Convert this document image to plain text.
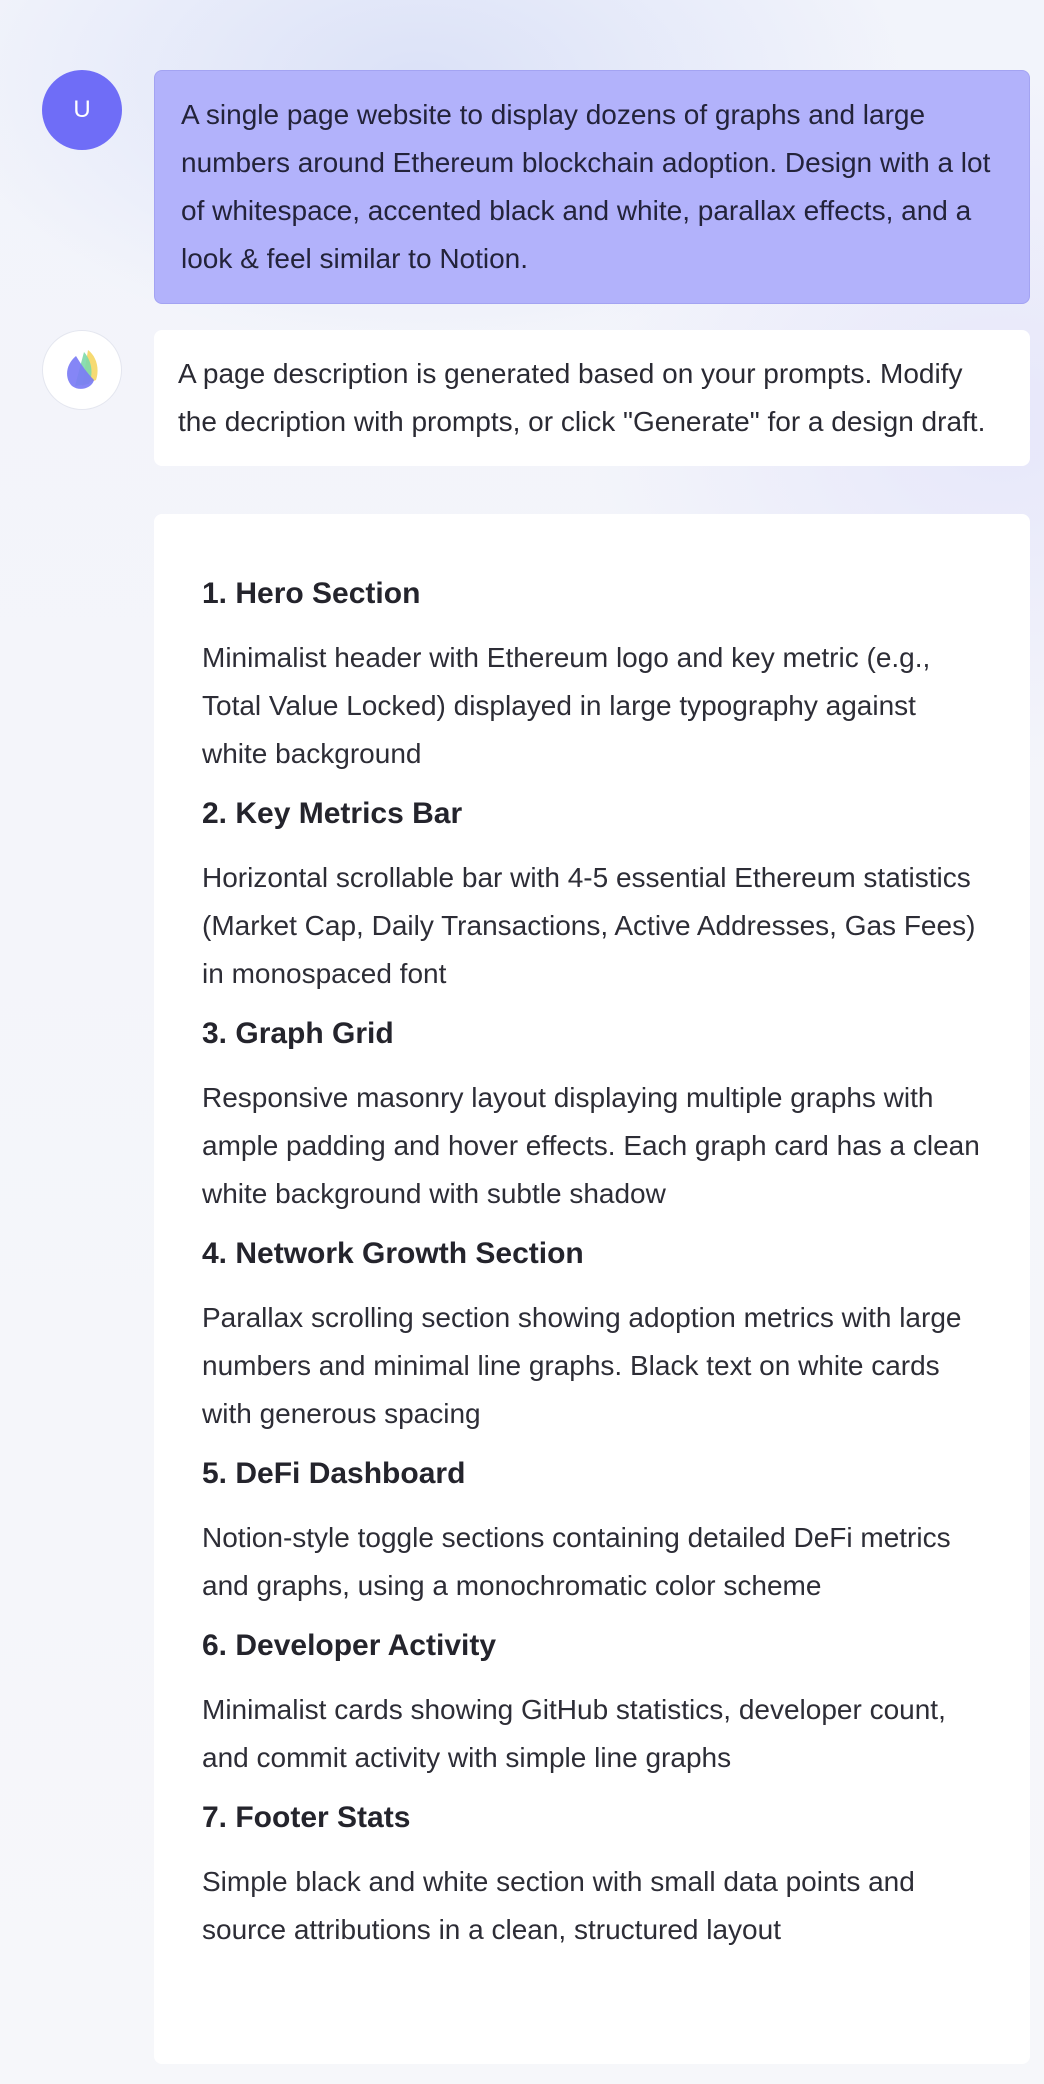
U	A single page website to display dozens of graphs and large numbers around Ethereum blockchain adoption. Design with a lot of whitespace, accented black and white, parallax effects, and a look & feel similar to Notion.

A page description is generated based on your prompts. Modify the decription with prompts, or click "Generate" for a design draft.

1. Hero Section

Minimalist header with Ethereum logo and key metric (e.g., Total Value Locked) displayed in large typography against white background

2. Key Metrics Bar

Horizontal scrollable bar with 4-5 essential Ethereum statistics (Market Cap, Daily Transactions, Active Addresses, Gas Fees) in monospaced font

3. Graph Grid

Responsive masonry layout displaying multiple graphs with ample padding and hover effects. Each graph card has a clean white background with subtle shadow

4. Network Growth Section

Parallax scrolling section showing adoption metrics with large numbers and minimal line graphs. Black text on white cards with generous spacing

5. DeFi Dashboard

Notion-style toggle sections containing detailed DeFi metrics and graphs, using a monochromatic color scheme

6. Developer Activity

Minimalist cards showing GitHub statistics, developer count, and commit activity with simple line graphs

7. Footer Stats

Simple black and white section with small data points and source attributions in a clean, structured layout
